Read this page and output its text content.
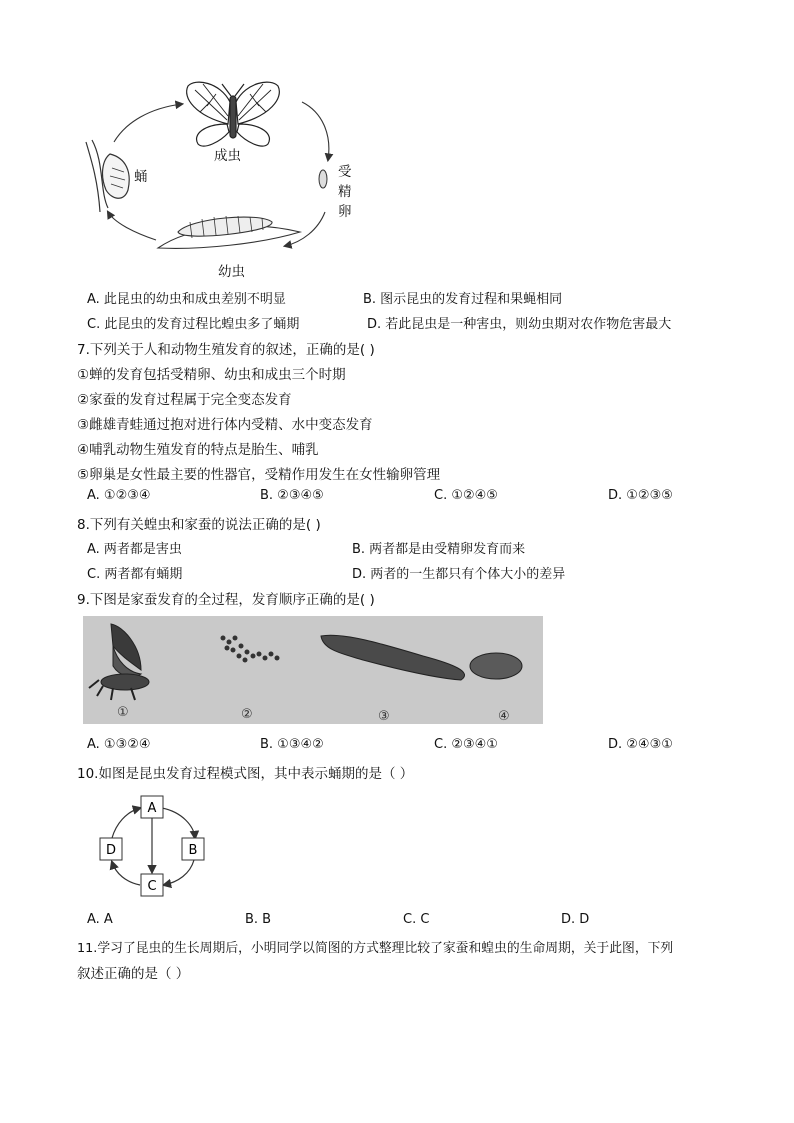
成虫
蛹	受
精
卵
幼虫
A. 此昆虫的幼虫和成虫差别不明显	B. 图示昆虫的发育过程和果蝇相同
C. 此昆虫的发育过程比蝗虫多了蛹期	D. 若此昆虫是一种害虫，则幼虫期对农作物危害最大
7.下列关于人和动物生殖发育的叙述，正确的是( )
①蝉的发育包括受精卵、幼虫和成虫三个时期
②家蚕的发育过程属于完全变态发育
③雌雄青蛙通过抱对进行体内受精、水中变态发育
④哺乳动物生殖发育的特点是胎生、哺乳
⑤卵巢是女性最主要的性器官，受精作用发生在女性输卵管理
A. ①②③④	B. ②③④⑤	C. ①②④⑤	D. ①②③⑤
8.下列有关蝗虫和家蚕的说法正确的是( )
A. 两者都是害虫	B. 两者都是由受精卵发育而来
C. 两者都有蛹期	D. 两者的一生都只有个体大小的差异
9.下图是家蚕发育的全过程，发育顺序正确的是( )
①	②	③	④
A. ①③②④	B. ①③④②	C. ②③④①	D. ②④③①
10.如图是昆虫发育过程模式图，其中表示蛹期的是（ ）
A
B
C
D
A. A	B. B	C. C	D. D
11.学习了昆虫的生长周期后，小明同学以简图的方式整理比较了家蚕和蝗虫的生命周期，关于此图，下列
叙述正确的是（ ）
